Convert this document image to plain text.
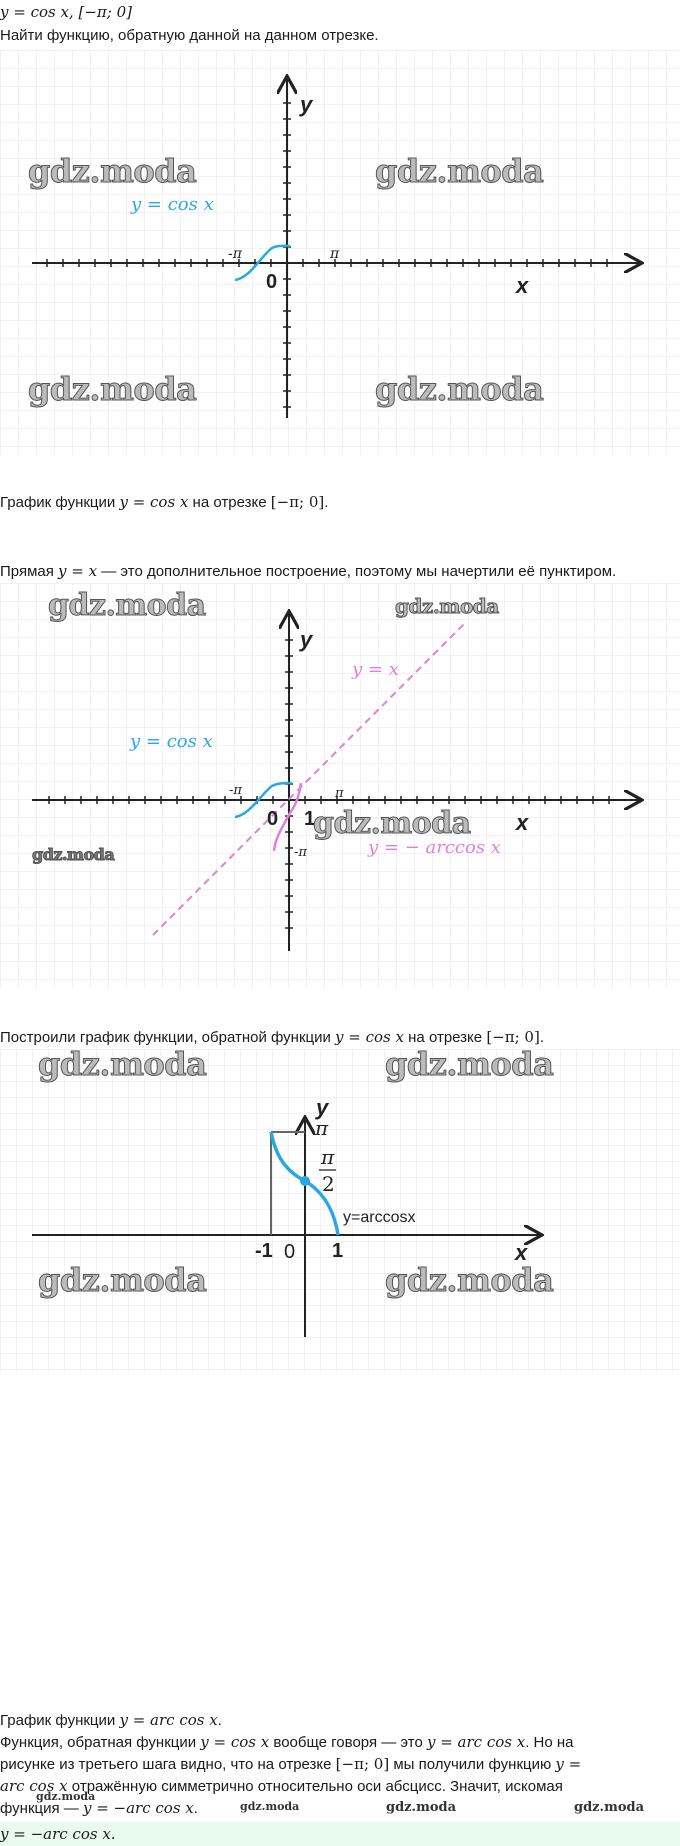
y = cos x, [−π; 0]
Найти функцию, обратную данной на данном отрезке.
y = cos x
-π	π
0	x
y
gdz.moda	gdz.moda
gdz.moda	gdz.moda
График функции y = cos x на отрезке [−π; 0].
Прямая y = x — это дополнительное построение, поэтому мы начертили её пунктиром.
y = cos x
y = x
y = − arccos x
-π	π
-π
0 1	x
y
gdz.moda	gdz.moda
gdz.moda
gdz.moda
Построили график функции, обратной функции y = cos x на отрезке [−π; 0].
y
π
π
2
y=arccosx
-1 0 1	x
gdz.moda	gdz.moda
gdz.moda	gdz.moda
График функции y = arc cos x.
Функция, обратная функции y = cos x вообще говоря — это y = arc cos x. Но на
рисунке из третьего шага видно, что на отрезке [−π; 0] мы получили функцию y =
arc cos x отражённую симметрично относительно оси абсцисс. Значит, искомая
функция — y = −arc cos x.
gdz.moda
gdz.moda	gdz.moda	gdz.moda
y = −arc cos x.
